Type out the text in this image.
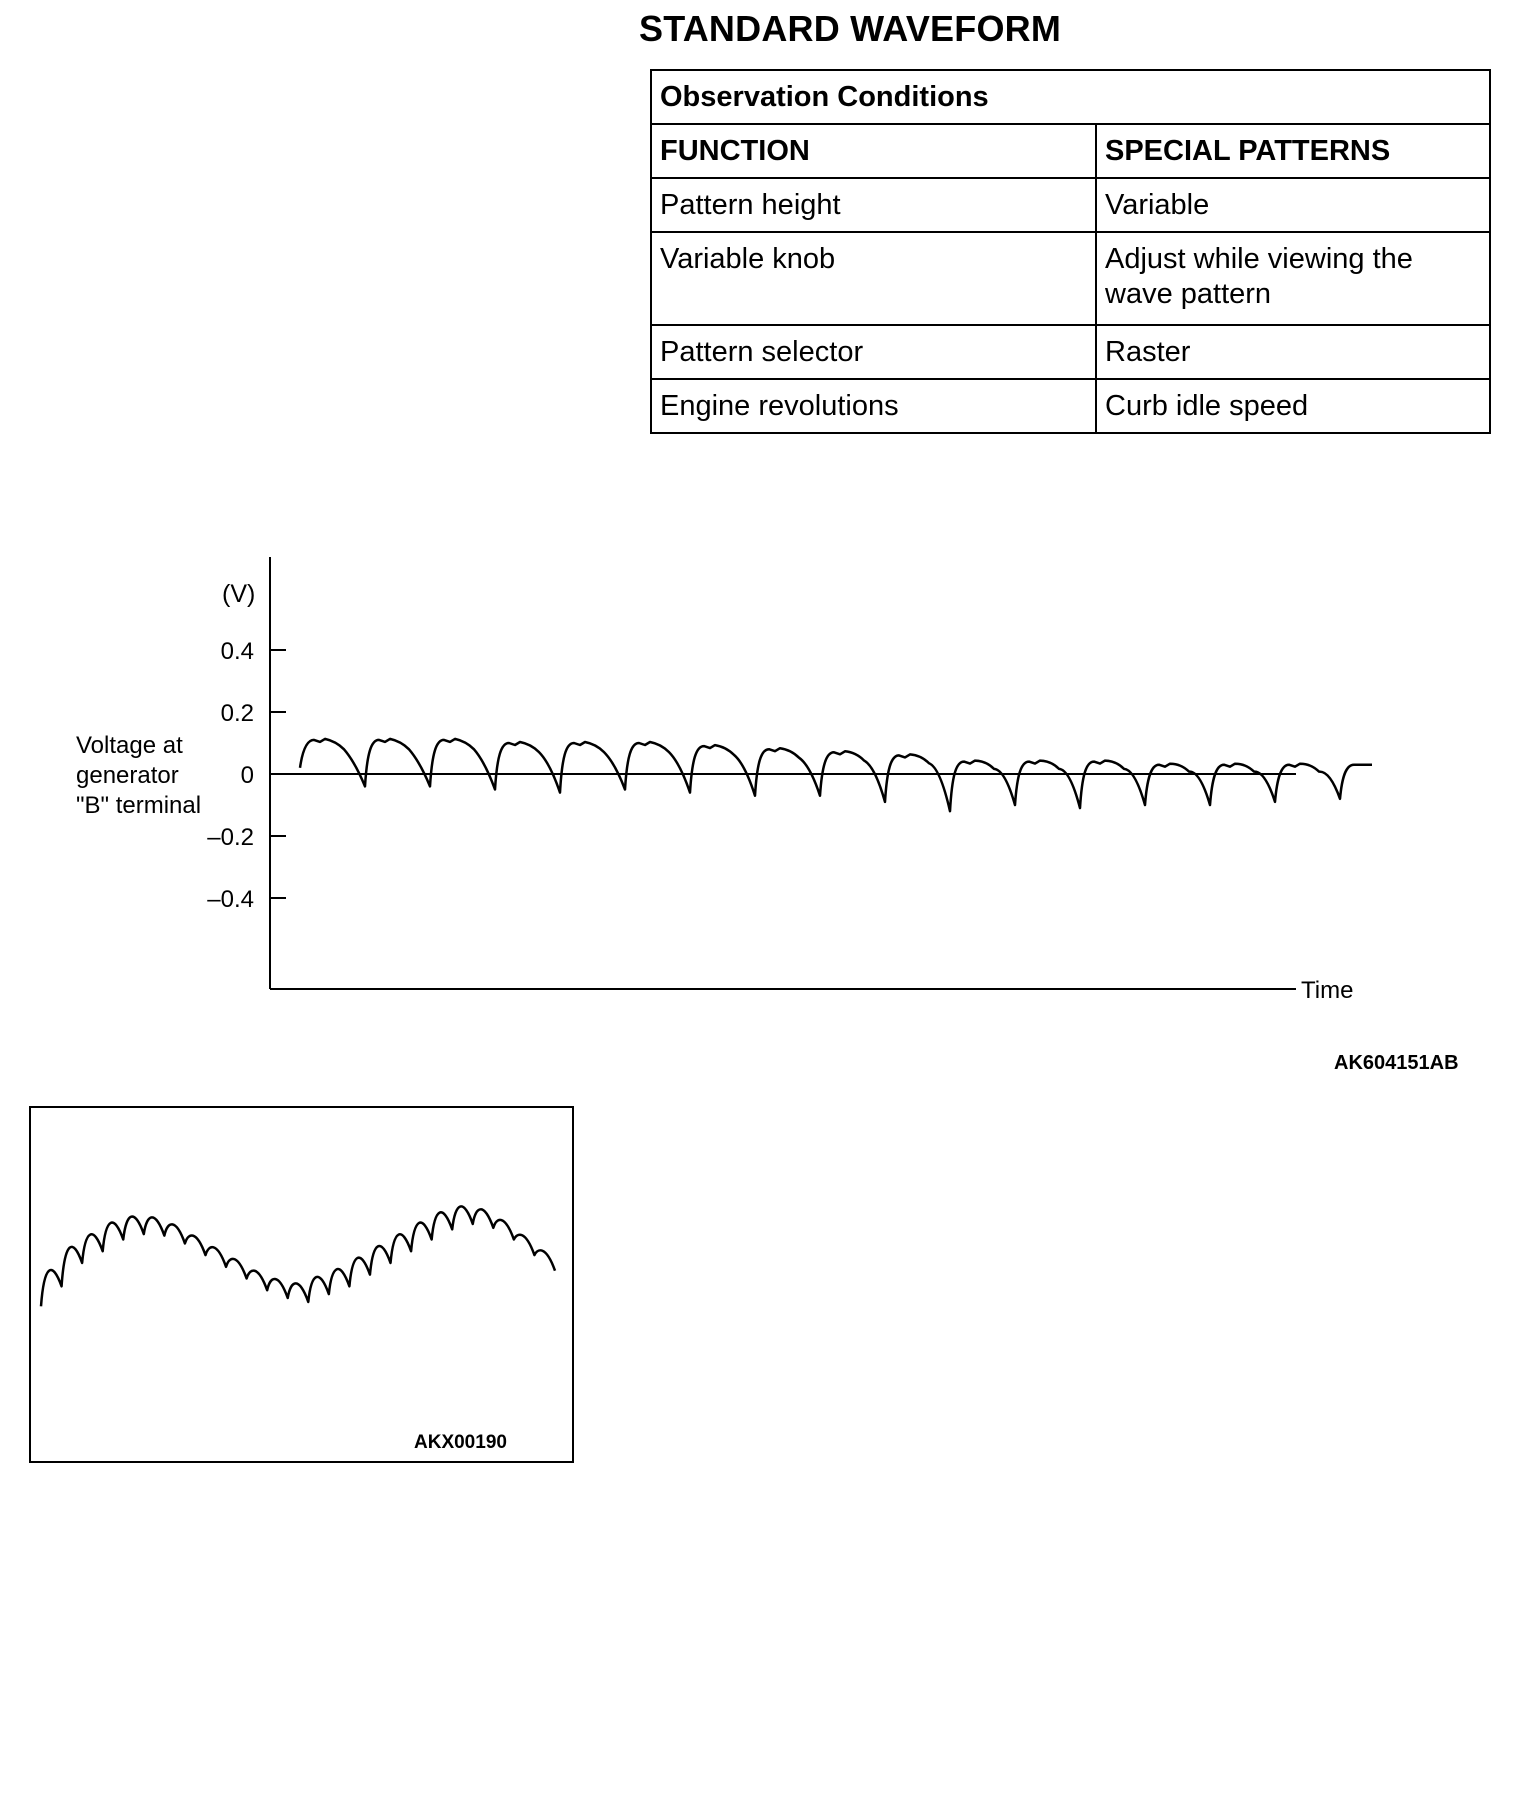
STANDARD WAVEFORM
Observation Conditions	
FUNCTION	SPECIAL PATTERNS
Pattern height	Variable
Variable knob	Adjust while viewing the wave pattern
Pattern selector	Raster
Engine revolutions	Curb idle speed
0.4
0.2
0
–0.2
–0.4
(V)
Time
Voltage at
generator
"B" terminal
AK604151AB
AKX00190
